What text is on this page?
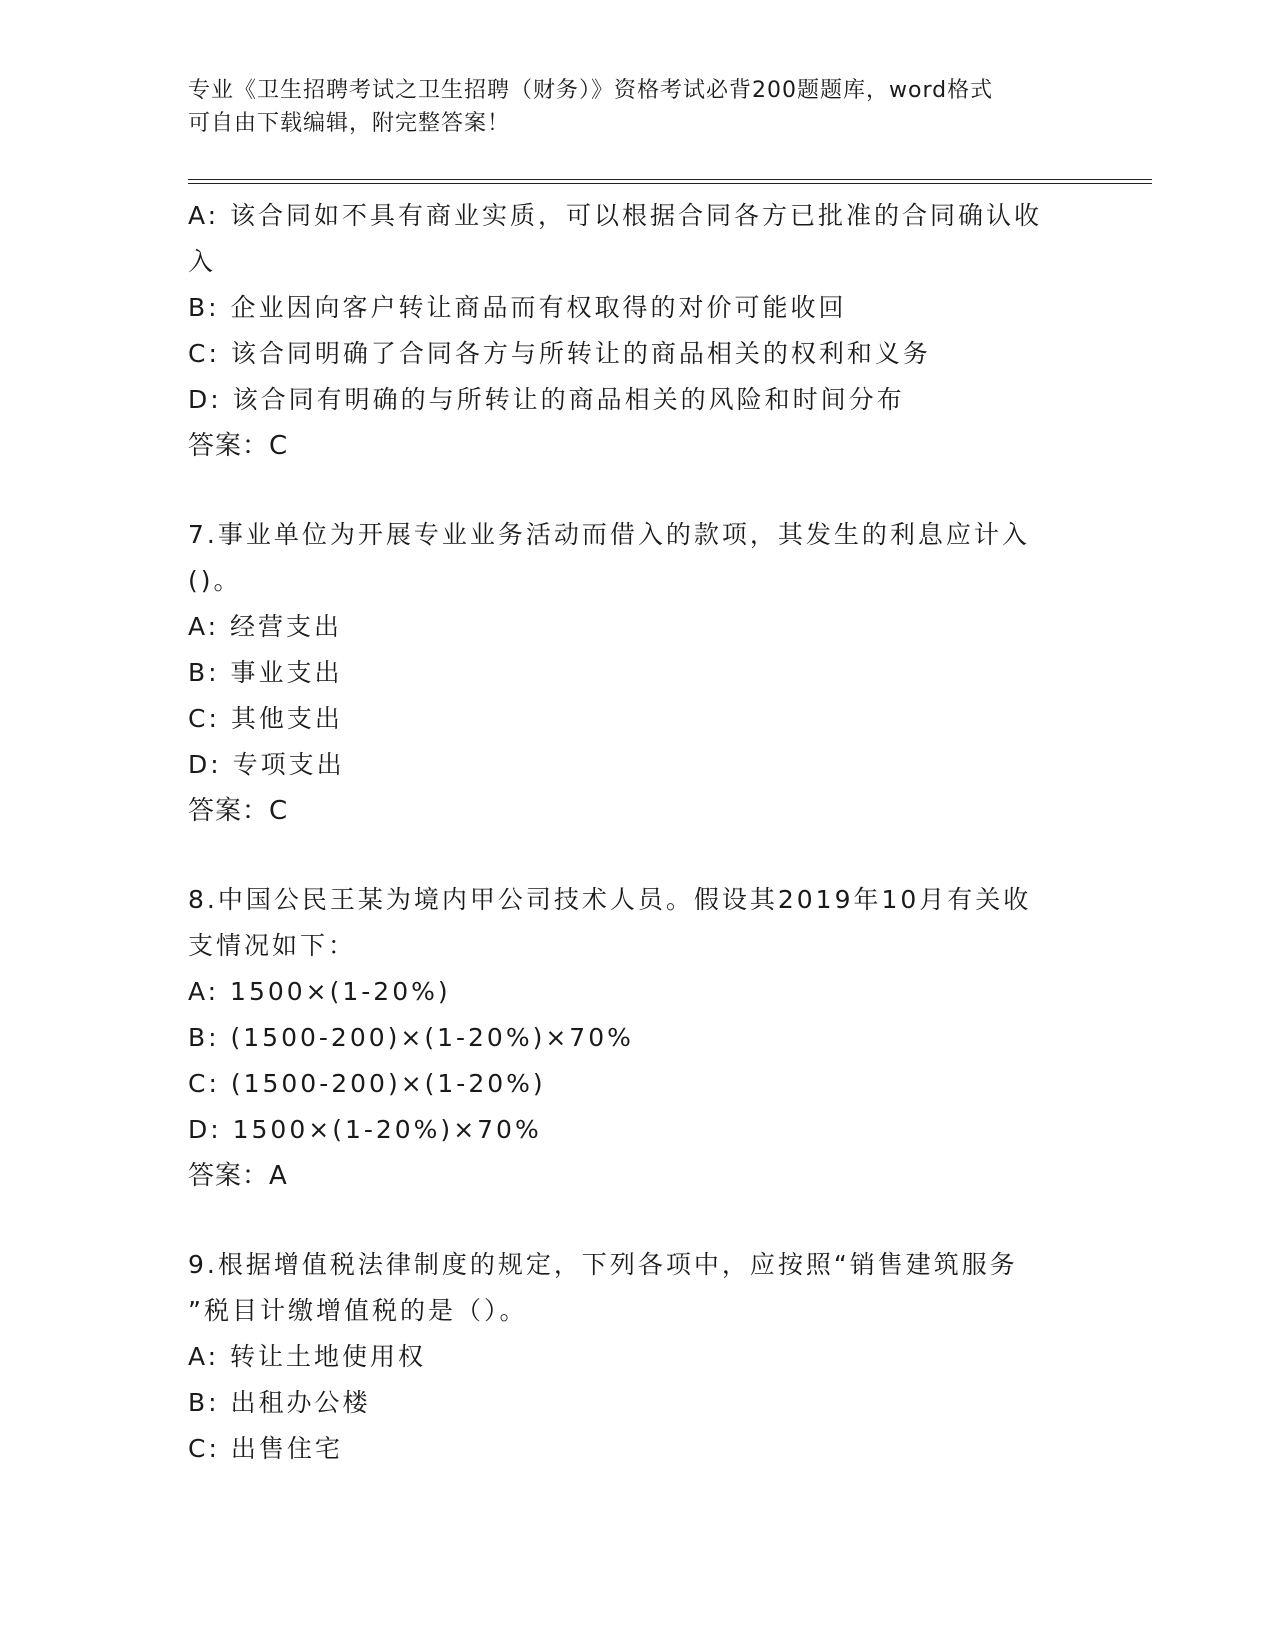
专业《卫生招聘考试之卫生招聘（财务）》资格考试必背200题题库，word格式
可自由下载编辑，附完整答案！
A: 该合同如不具有商业实质，可以根据合同各方已批准的合同确认收
入
B: 企业因向客户转让商品而有权取得的对价可能收回
C: 该合同明确了合同各方与所转让的商品相关的权利和义务
D: 该合同有明确的与所转让的商品相关的风险和时间分布
答案：C
7.事业单位为开展专业业务活动而借入的款项，其发生的利息应计入
()。
A: 经营支出
B: 事业支出
C: 其他支出
D: 专项支出
答案：C
8.中国公民王某为境内甲公司技术人员。假设其2019年10月有关收
支情况如下：
A: 1500×(1-20%)
B: (1500-200)×(1-20%)×70%
C: (1500-200)×(1-20%)
D: 1500×(1-20%)×70%
答案：A
9.根据增值税法律制度的规定，下列各项中，应按照“销售建筑服务
”税目计缴增值税的是（）。
A: 转让土地使用权
B: 出租办公楼
C: 出售住宅
